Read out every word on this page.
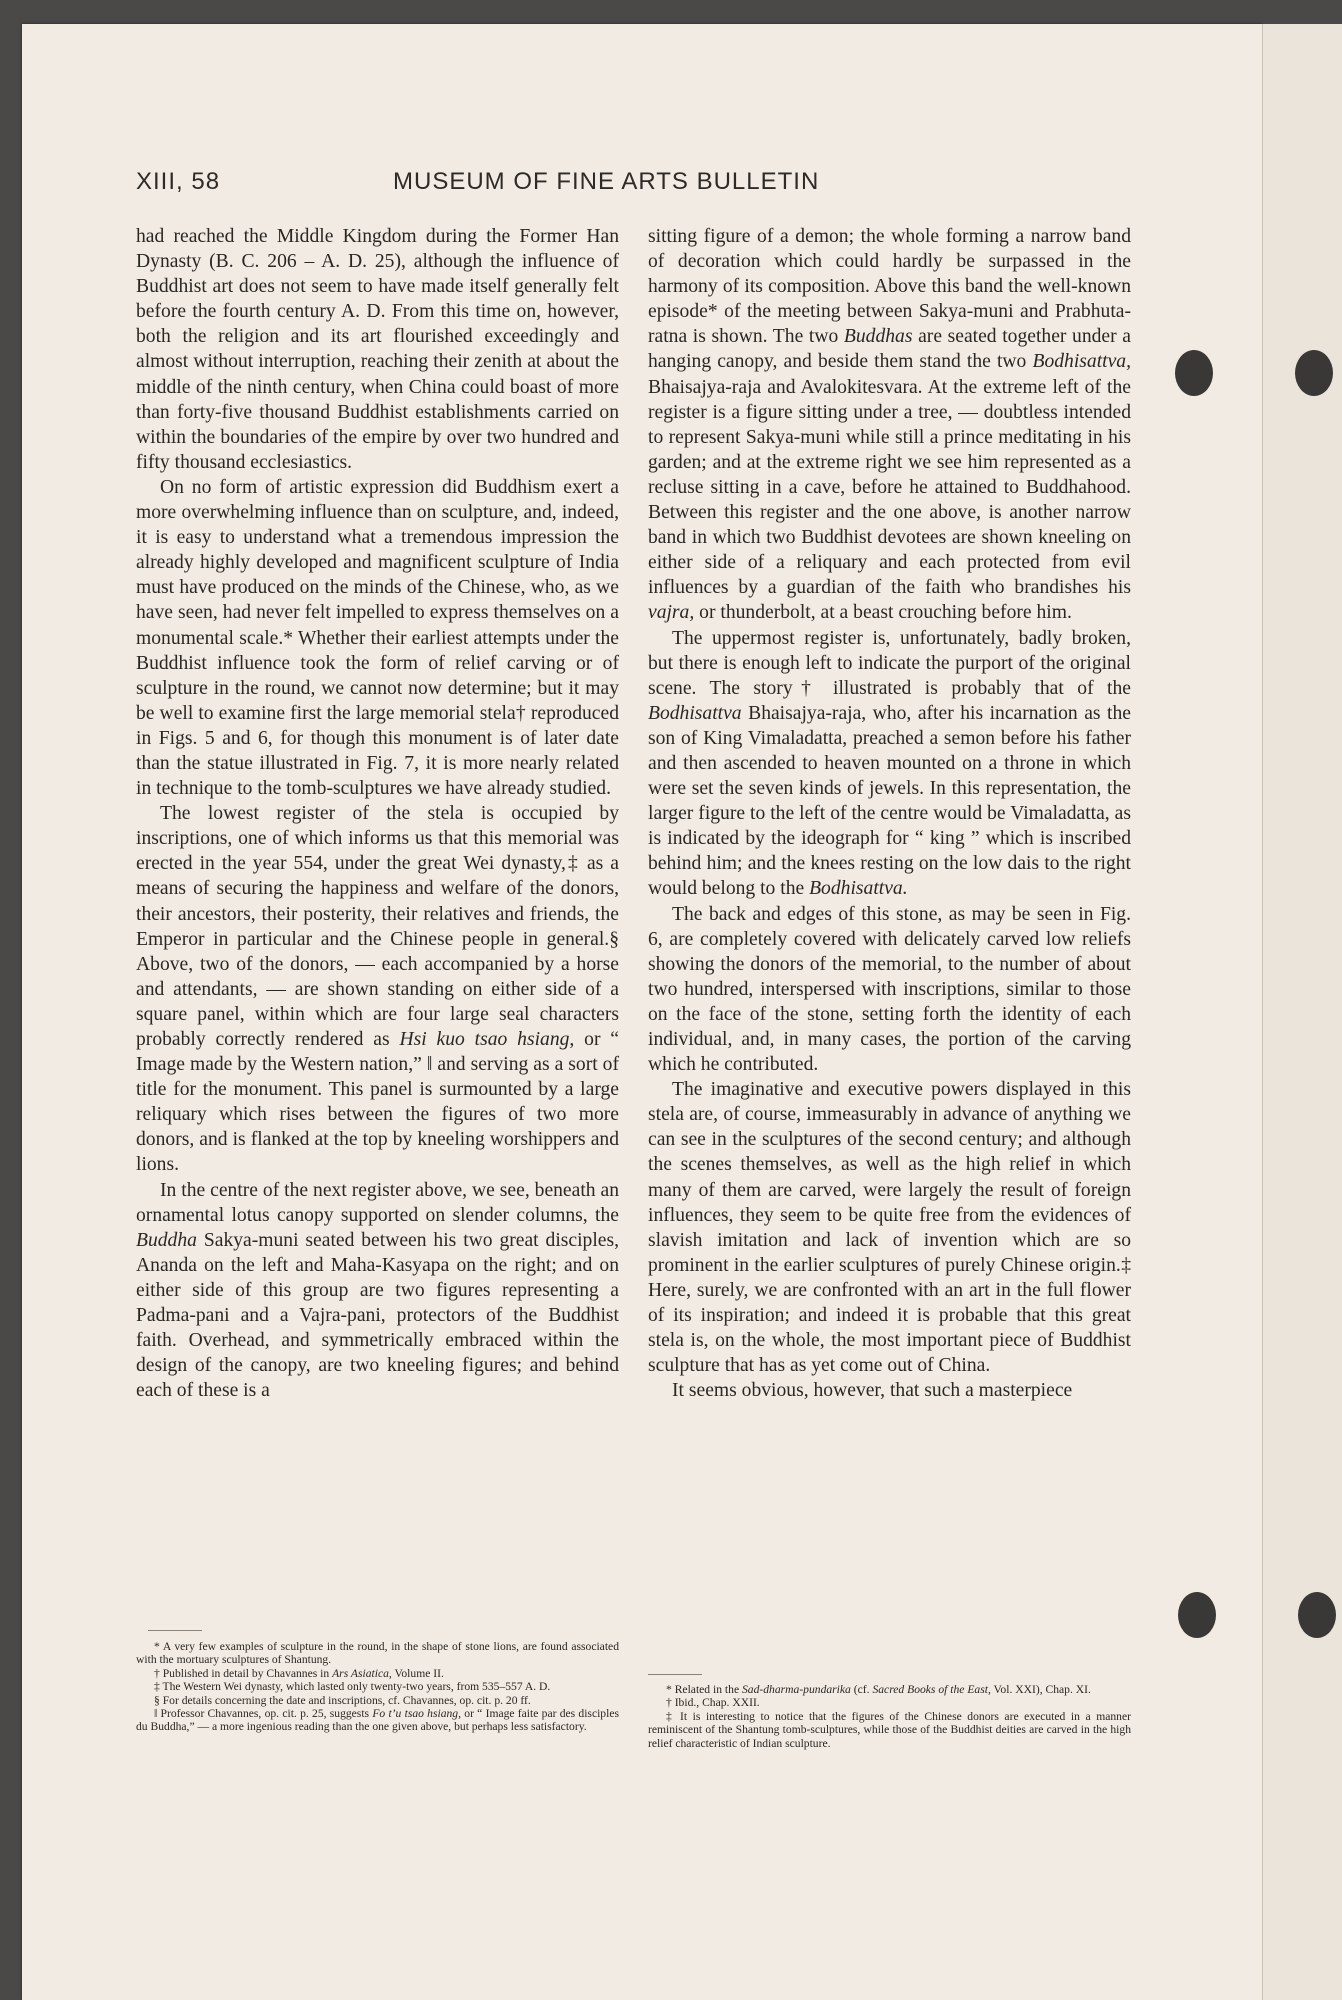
XIII, 58	MUSEUM OF FINE ARTS BULLETIN

had reached the Middle Kingdom during the Former Han Dynasty (B. C. 206 – A. D. 25), although the influence of Buddhist art does not seem to have made itself generally felt before the fourth century A. D. From this time on, however, both the religion and its art flourished exceedingly and almost without interruption, reaching their zenith at about the middle of the ninth century, when China could boast of more than forty-five thousand Buddhist establishments carried on within the boundaries of the empire by over two hundred and fifty thousand ecclesiastics.

On no form of artistic expression did Buddhism exert a more overwhelming influence than on sculpture, and, indeed, it is easy to understand what a tremendous impression the already highly developed and magnificent sculpture of India must have produced on the minds of the Chinese, who, as we have seen, had never felt impelled to express themselves on a monumental scale.* Whether their earliest attempts under the Buddhist influence took the form of relief carving or of sculpture in the round, we cannot now determine; but it may be well to examine first the large memorial stela† reproduced in Figs. 5 and 6, for though this monument is of later date than the statue illustrated in Fig. 7, it is more nearly related in technique to the tomb-sculptures we have already studied.

The lowest register of the stela is occupied by inscriptions, one of which informs us that this memorial was erected in the year 554, under the great Wei dynasty,‡ as a means of securing the happiness and welfare of the donors, their ancestors, their posterity, their relatives and friends, the Emperor in particular and the Chinese people in general.§ Above, two of the donors, — each accompanied by a horse and attendants, — are shown standing on either side of a square panel, within which are four large seal characters probably correctly rendered as Hsi kuo tsao hsiang, or “ Image made by the Western nation,” ‖ and serving as a sort of title for the monument. This panel is surmounted by a large reliquary which rises between the figures of two more donors, and is flanked at the top by kneeling worshippers and lions.

In the centre of the next register above, we see, beneath an ornamental lotus canopy supported on slender columns, the Buddha Sakya-muni seated between his two great disciples, Ananda on the left and Maha-Kasyapa on the right; and on either side of this group are two figures representing a Padma-pani and a Vajra-pani, protectors of the Buddhist faith. Overhead, and symmetrically embraced within the design of the canopy, are two kneeling figures; and behind each of these is a

sitting figure of a demon; the whole forming a narrow band of decoration which could hardly be surpassed in the harmony of its composition. Above this band the well-known episode* of the meeting between Sakya-muni and Prabhuta-ratna is shown. The two Buddhas are seated together under a hanging canopy, and beside them stand the two Bodhisattva, Bhaisajya-raja and Avalokitesvara. At the extreme left of the register is a figure sitting under a tree, — doubtless intended to represent Sakya-muni while still a prince meditating in his garden; and at the extreme right we see him represented as a recluse sitting in a cave, before he attained to Buddhahood. Between this register and the one above, is another narrow band in which two Buddhist devotees are shown kneeling on either side of a reliquary and each protected from evil influences by a guardian of the faith who brandishes his vajra, or thunderbolt, at a beast crouching before him.

The uppermost register is, unfortunately, badly broken, but there is enough left to indicate the purport of the original scene. The story† illustrated is probably that of the Bodhisattva Bhaisajya-raja, who, after his incarnation as the son of King Vimaladatta, preached a semon before his father and then ascended to heaven mounted on a throne in which were set the seven kinds of jewels. In this representation, the larger figure to the left of the centre would be Vimaladatta, as is indicated by the ideograph for “ king ” which is inscribed behind him; and the knees resting on the low dais to the right would belong to the Bodhisattva.

The back and edges of this stone, as may be seen in Fig. 6, are completely covered with delicately carved low reliefs showing the donors of the memorial, to the number of about two hundred, interspersed with inscriptions, similar to those on the face of the stone, setting forth the identity of each individual, and, in many cases, the portion of the carving which he contributed.

The imaginative and executive powers displayed in this stela are, of course, immeasurably in advance of anything we can see in the sculptures of the second century; and although the scenes themselves, as well as the high relief in which many of them are carved, were largely the result of foreign influences, they seem to be quite free from the evidences of slavish imitation and lack of invention which are so prominent in the earlier sculptures of purely Chinese origin.‡ Here, surely, we are confronted with an art in the full flower of its inspiration; and indeed it is probable that this great stela is, on the whole, the most important piece of Buddhist sculpture that has as yet come out of China.

It seems obvious, however, that such a masterpiece

* A very few examples of sculpture in the round, in the shape of stone lions, are found associated with the mortuary sculptures of Shantung.

† Published in detail by Chavannes in Ars Asiatica, Volume II.

‡ The Western Wei dynasty, which lasted only twenty-two years, from 535–557 A. D.

§ For details concerning the date and inscriptions, cf. Chavannes, op. cit. p. 20 ff.

‖ Professor Chavannes, op. cit. p. 25, suggests Fo t’u tsao hsiang, or “ Image faite par des disciples du Buddha,” — a more ingenious reading than the one given above, but perhaps less satisfactory.

* Related in the Sad-dharma-pundarika (cf. Sacred Books of the East, Vol. XXI), Chap. XI.

† Ibid., Chap. XXII.

‡ It is interesting to notice that the figures of the Chinese donors are executed in a manner reminiscent of the Shantung tomb-sculptures, while those of the Buddhist deities are carved in the high relief characteristic of Indian sculpture.
